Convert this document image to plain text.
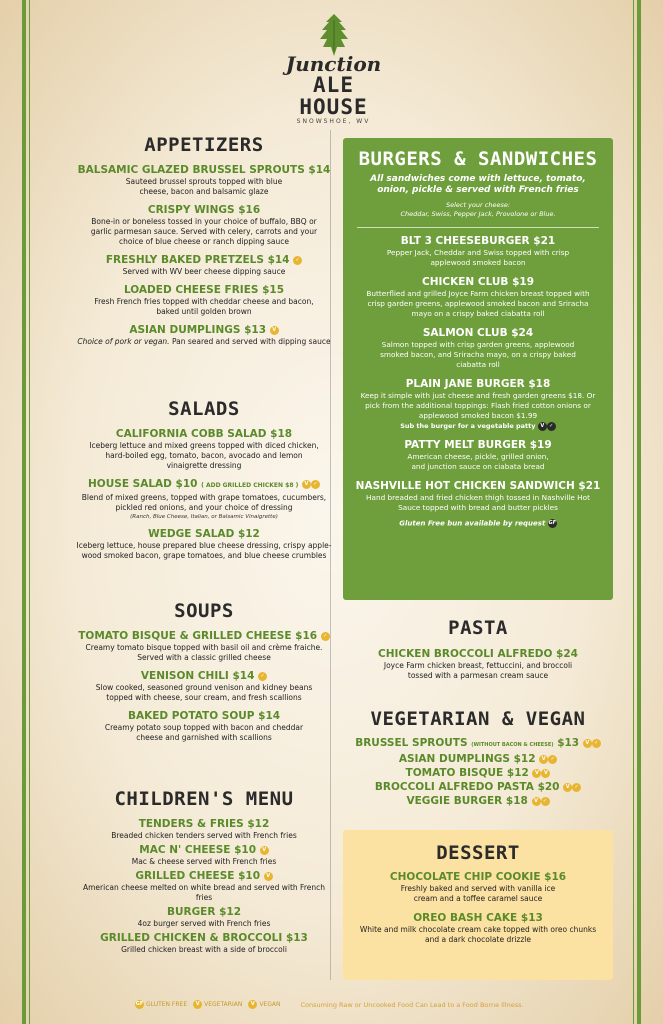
Junction
ALE HOUSE
SNOWSHOE, WV
APPETIZERS
BALSAMIC GLAZED BRUSSEL SPROUTS $14
Sauteed brussel sprouts topped with blue cheese, bacon and balsamic glaze
CRISPY WINGS $16
Bone-in or boneless tossed in your choice of buffalo, BBQ or garlic parmesan sauce. Served with celery, carrots and your choice of blue cheese or ranch dipping sauce
FRESHLY BAKED PRETZELS $14 ✓
Served with WV beer cheese dipping sauce
LOADED CHEESE FRIES $15
Fresh French fries topped with cheddar cheese and bacon, baked until golden brown
ASIAN DUMPLINGS $13 V
Choice of pork or vegan. Pan seared and served with dipping sauce
SALADS
CALIFORNIA COBB SALAD $18
Iceberg lettuce and mixed greens topped with diced chicken, hard-boiled egg, tomato, bacon, avocado and lemon vinaigrette dressing
HOUSE SALAD $10 ( ADD GRILLED CHICKEN $8 ) V ✓
Blend of mixed greens, topped with grape tomatoes, cucumbers, pickled red onions, and your choice of dressing
(Ranch, Blue Cheese, Italian, or Balsamic Vinaigrette)
WEDGE SALAD $12
Iceberg lettuce, house prepared blue cheese dressing, crispy apple-wood smoked bacon, grape tomatoes, and blue cheese crumbles
SOUPS
TOMATO BISQUE & GRILLED CHEESE $16 ✓
Creamy tomato bisque topped with basil oil and crème fraiche. Served with a classic grilled cheese
VENISON CHILI $14 ✓
Slow cooked, seasoned ground venison and kidney beans topped with cheese, sour cream, and fresh scallions
BAKED POTATO SOUP $14
Creamy potato soup topped with bacon and cheddar cheese and garnished with scallions
CHILDREN'S MENU
TENDERS & FRIES $12
Breaded chicken tenders served with French fries
MAC N' CHEESE $10 V
Mac & cheese served with French fries
GRILLED CHEESE $10 V
American cheese melted on white bread and served with French fries
BURGER $12
4oz burger served with French fries
GRILLED CHICKEN & BROCCOLI $13
Grilled chicken breast with a side of broccoli
BURGERS & SANDWICHES
All sandwiches come with lettuce, tomato, onion, pickle & served with French fries
Select your cheese:
Cheddar, Swiss, Pepper Jack, Provolone or Blue.
BLT 3 CHEESEBURGER $21
Pepper Jack, Cheddar and Swiss topped with crisp applewood smoked bacon
CHICKEN CLUB $19
Butterflied and grilled Joyce Farm chicken breast topped with crisp garden greens, applewood smoked bacon and Sriracha mayo on a crispy baked ciabatta roll
SALMON CLUB $24
Salmon topped with crisp garden greens, applewood smoked bacon, and Sriracha mayo, on a crispy baked ciabatta roll
PLAIN JANE BURGER $18
Keep it simple with just cheese and fresh garden greens $18. Or pick from the additional toppings: Flash fried cotton onions or applewood smoked bacon $1.99
Sub the burger for a vegetable patty V ✓
PATTY MELT BURGER $19
American cheese, pickle, grilled onion, and junction sauce on ciabata bread
NASHVILLE HOT CHICKEN SANDWICH $21
Hand breaded and fried chicken thigh tossed in Nashville Hot Sauce topped with bread and butter pickles
Gluten Free bun available by request GF
PASTA
CHICKEN BROCCOLI ALFREDO $24
Joyce Farm chicken breast, fettuccini, and broccoli tossed with a parmesan cream sauce
VEGETARIAN & VEGAN
BRUSSEL SPROUTS (WITHOUT BACON & CHEESE) $13 V ✓
ASIAN DUMPLINGS $12 V ✓
TOMATO BISQUE $12 V V
BROCCOLI ALFREDO PASTA $20 V ✓
VEGGIE BURGER $18 V ✓
DESSERT
CHOCOLATE CHIP COOKIE $16
Freshly baked and served with vanilla ice cream and a toffee caramel sauce
OREO BASH CAKE $13
White and milk chocolate cream cake topped with oreo chunks and a dark chocolate drizzle
GF GLUTEN FREE	V VEGETARIAN	V VEGAN	Consuming Raw or Uncooked Food Can Lead to a Food Borne Illness.
